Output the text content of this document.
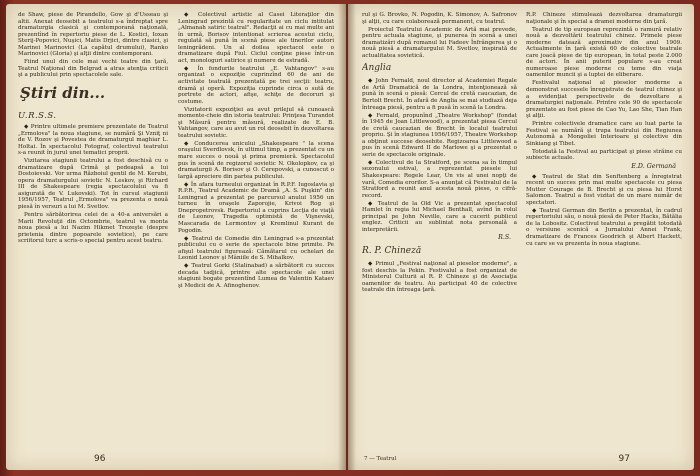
de Shaw, piese de Pirandello, Gow şi d'Usseau şi altii. Anexat deosebit a teatrului s-a îndreptat spre dramaturgia clasică şi contemporană naţională, prezentînd în repertoriu piese de L. Kostici, Ioxan Sterij-Popovici, Nuşici, Matis Drjici, dintre clasici, şi Marinei Marinovici (La capătul drumului), Ranko Marinovici (Gloria) şi alţii dintre contemporani.

Fiind unul din cele mai vechi teatre din ţară, Teatrul Naţional din Belgrad a atras atenţia criticii şi a publicului prin spectacolele sale.

Ştiri din...
U.R.S.S.

◆ Printre ultimele premiere prezentate de Teatrul „Ermolova" la noua stagiune, se numără Şi Vzniţ ni de V. Rozov şi Povestea de dramaturgul maghiar L. Holtai. În spectacolul Fotograf, colectivul teatrului s-a reunit în jurul unei tematici proprii.

Vizitarea stagiunii teatrului a fost deschisă cu o dramatizare după Crimă şi pedeapsă a lui Dostoievski. Vor urma Războiul gentil de M. Kerubi, opera dramaturgului sovietic N. Leskov, şi Richard III de Shakespeare (regia spectacolului va fi asigurată de V. Lukovski). Tot în cursul stagiunii 1956/1957, Teatrul „Ermolova" va prezenta o nouă piesă în versuri a lui M. Svetlov.

Pentru sărbătorirea celei de a 40-a aniversări a Marii Revoluţii din Octombrie, teatrul va monta noua piesă a lui Nazim Hikmet Trezeşte (despre prietenia dintre popoarele sovietice), pe care scriitorul turc a scris-o special pentru acest teatru.

◆ Colectivul artistic al Casei Literaţilor din Leningrad prezintă cu regularitate un ciclu intitulat „Almanah satiric teatral". Redacţii ai cu mai multe ani în urmă, Borisov intentionat scrierea acestui ciclu, regulată să pună în scenă piese ale tinerilor autori leningrădeni. Un al doilea spectacol este o dramatizare după Fiul. Ciclul conţine piese într-un act, monologuri satirice şi numere de estradă.

◆ În fondurile teatrului „E. Vahtangov" s-au organizat o expoziţie cuprinzînd 60 de ani de activitate teatrală prezentată pe trei secţii: teatru, dramă şi operă. Expoziţia cuprinde circa o sută de portrete de actori, afişe, schiţe de decoruri şi costume.

Vizitatorii expoziţiei au avut prilejul să cunoască momente-cheie din istoria teatrului: Prinţesa Turandot şi Măsură pentru măsură, realizate de E. B. Vahtangov, care au avut un rol deosebit în dezvoltarea teatrului sovietic.

◆ Conducerea unicului „Shakespeare " la scena oraşului Sverdlovsk, în ultimul timp, a prezentat cu un mare succes o nouă şi prima premieră. Spectacolul pus în scenă de regizorul sovietic N. Okolopkov, ca şi dramaturgii A. Borisov şi O. Cerepovski, a cunoscut o largă apreciere din partea publicului.

◆ În afara turneului organizat în R.P.F. Iugoslavia şi R.P.R., Teatrul Academic de Dramă „A. S. Puşkin" din Leningrad a prezentat pe parcursul anului 1956 un turneu în oraşele Zaporojie, Krivoi Rog şi Dnepropetrovsk. Repertoriul a cuprins Lecţia de viaţă de Leonov, Tragedia optimistă de Vişnevski, Mascarada de Lermontov şi Kremlinul Kurant de Pogodin.

◆ Teatrul de Comedie din Leningrad s-a prezentat publicului cu o serie de spectacole bine primite. Pe afişul teatrului figurează: Cămătarul cu ochelari de Leonid Leonov şi Mâniile de S. Mihalkov.

◆ Teatrul Gorki (Stalinabad) a sărbătorit cu succes decada tadjică, printre alte spectacole ale unei stagiuni bogate prezentînd Lumea de Valentin Kataev şi Medicii de A. Afinoghenov.

96

rul şi G. Brovko, N. Pogodin, K. Simonov, A. Safronov şi alţii, cu care colaborează permanent, cu teatrul.

Proiectul Teatrului Academic de Artă mai prevede, pentru actuala stagiune, şi punerea în scenă a unei dramatizări după romanul lui Fadeev Înfrângerea şi o nouă piesă a dramaturgului M. Svetlov, inspirată de actualitatea sovietică.

Anglia

◆ John Fernald, noul director al Academiei Regale de Artă Dramatică de la Londra, intenţionează să pună în scenă o piesă: Cercul de cretă caucazian, de Bertolt Brecht. În afară de Anglia se mai studiază deja întreaga piesă, pentru a fi pusă în scenă la Londra.

◆ Fernald, propunînd „Theatre Workshop" (fondat în 1945 de Joan Littlewood), a prezentat piesa Cercul de cretă caucazian de Brecht în localul teatrului propriu. Şi în stagiunea 1956/1957, Theatre Workshop a obţinut succese deosebite. Regizoarea Littlewood a pus în scenă Edward II de Marlowe şi a prezentat o serie de spectacole originale.

◆ Colectivul de la Stratford, pe scena sa în timpul sezonului estival, a reprezentat piesele lui Shakespeare: Regele Lear, Un vis al unei nopţi de vară, Comedia erorilor. S-a anunţat că Festivalul de la Stratford a reunit anul acesta nouă piese, o cifră-record.

◆ Teatrul de la Old Vic a prezentat spectacolul Hamlet în regia lui Michael Benthall, avînd în rolul principal pe John Neville, care a cucerit publicul englez. Criticii au subliniat nota personală a interpretării.

R.S.
R. P. Chineză

◆ Primul „Festival naţional al pieselor moderne", a fost deschis la Pekin. Festivalul a fost organizat de Ministerul Culturii al R. P. Chineze şi de Asociaţia oamenilor de teatru. Au participat 40 de colective teatrale din întreaga ţară.

R.P. Chineze stimulează dezvoltarea dramaturgii naţionale şi în special a dramei moderne din ţară.

Teatrul de tip european reprezintă o ramură relativ nouă a dezvoltării teatrului chinez. Primele piese moderne datează aproximativ din anul 1909. Actualmente în ţară există 60 de colective teatrale care joacă piese de tip european, în total peste 2.000 de actori. În anii puterii populare s-au creat numeroase piese moderne cu teme din viaţa oamenilor muncii şi a luptei de eliberare.

Festivalul naţional al pieselor moderne a demonstrat succesele înregistrate de teatrul chinez şi a evidenţiat perspectivele de dezvoltare a dramaturgiei naţionale. Printre cele 90 de spectacole prezentate au fost piese de Cao Yu, Lao She, Tian Han şi alţii.

Printre colectivele dramatice care au luat parte la Festival se numără şi trupa teatrului din Regiunea Autonomă a Mongoliei Interioare şi colective din Sinkiang şi Tibet.

Totodată la Festival au participat şi piese străine cu subiecte actuale.

E.D. Germană

◆ Teatrul de Stat din Senftenberg a înregistrat recent un succes prin mai multe spectacole cu piesa Mutter Courage de B. Brecht şi cu piesa lui Horst Salomon. Teatrul a fost vizitat de un mare număr de spectatori.

◆ Teatrul German din Berlin a prezentat, în cadrul repertoriului său, o nouă piesă de Peter Hacks, Bătălia de la Lobositz. Colectivul teatrului a pregătit totodată o versiune scenică a Jurnalului Annei Frank, dramatizare de Frances Goodrich şi Albert Hackett, cu care se va prezenta în noua stagiune.

7 — Teatrul	97
